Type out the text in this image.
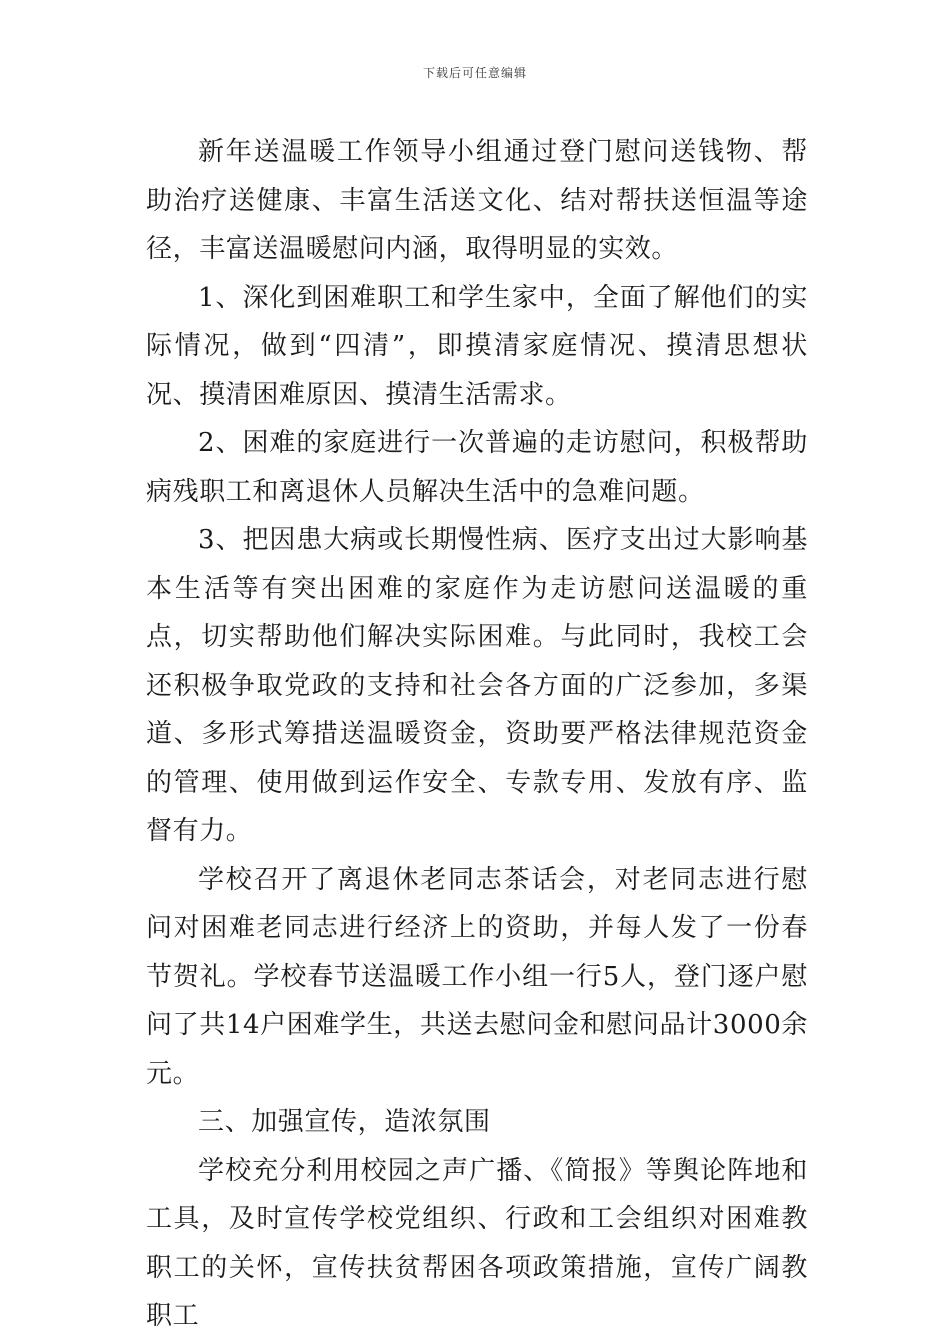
下载后可任意编辑

新年送温暖工作领导小组通过登门慰问送钱物、帮助治疗送健康、丰富生活送文化、结对帮扶送恒温等途径，丰富送温暖慰问内涵，取得明显的实效。

1、深化到困难职工和学生家中，全面了解他们的实际情况，做到“四清”，即摸清家庭情况、摸清思想状况、摸清困难原因、摸清生活需求。

2、困难的家庭进行一次普遍的走访慰问，积极帮助病残职工和离退休人员解决生活中的急难问题。

3、把因患大病或长期慢性病、医疗支出过大影响基本生活等有突出困难的家庭作为走访慰问送温暖的重点，切实帮助他们解决实际困难。与此同时，我校工会还积极争取党政的支持和社会各方面的广泛参加，多渠道、多形式筹措送温暖资金，资助要严格法律规范资金的管理、使用做到运作安全、专款专用、发放有序、监督有力。

学校召开了离退休老同志茶话会，对老同志进行慰问对困难老同志进行经济上的资助，并每人发了一份春节贺礼。学校春节送温暖工作小组一行5人，登门逐户慰问了共14户困难学生，共送去慰问金和慰问品计3000余元。

三、加强宣传，造浓氛围

学校充分利用校园之声广播、《简报》等舆论阵地和工具，及时宣传学校党组织、行政和工会组织对困难教职工的关怀，宣传扶贫帮困各项政策措施，宣传广阔教职工
